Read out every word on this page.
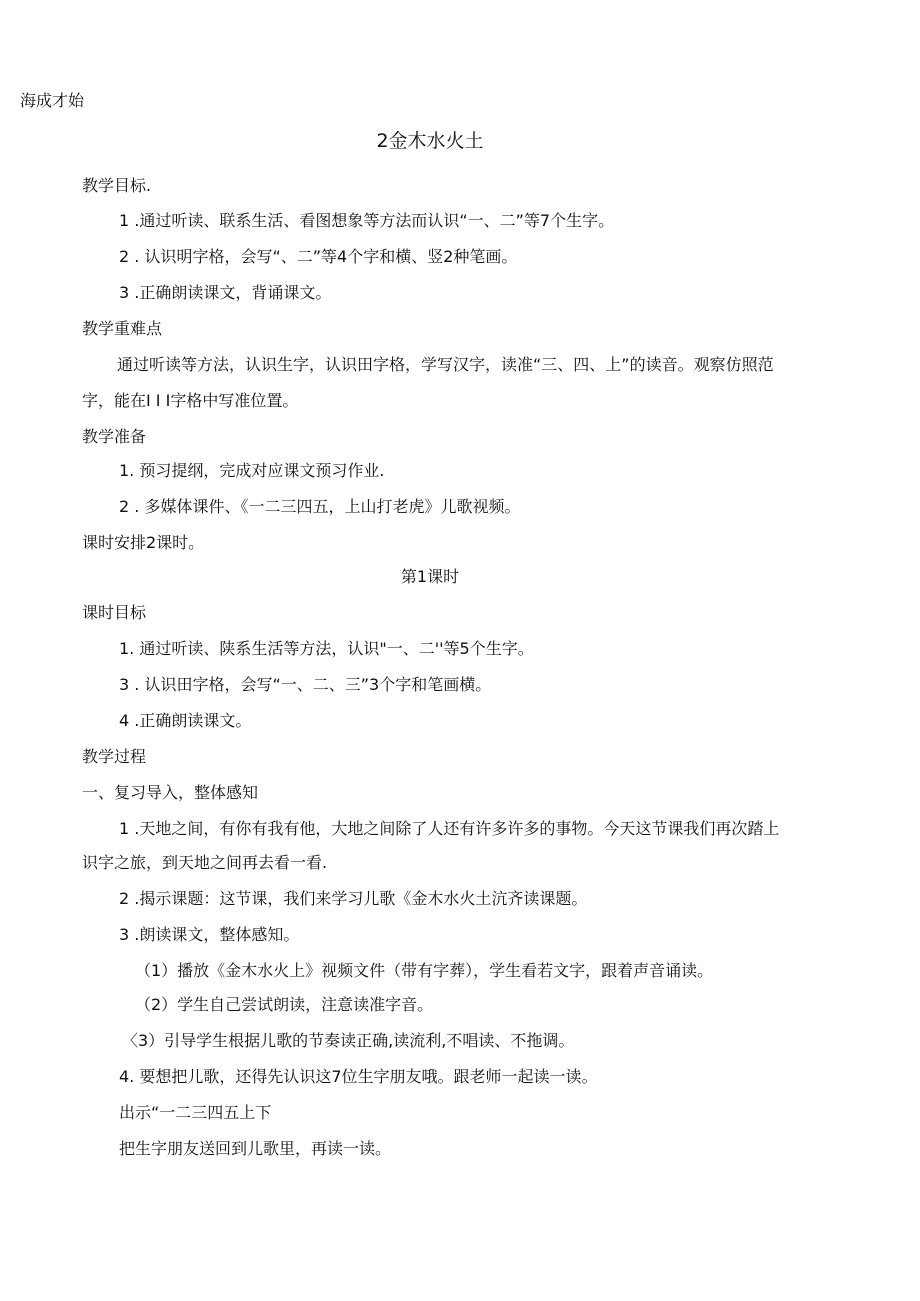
海成才始
2金木水火土
教学目标.
1 .通过听读、联系生活、看图想象等方法而认识“一、二”等7个生字。
2 . 认识明字格，会写“、二”等4个字和横、竖2种笔画。
3 .正确朗读课文，背诵课文。
教学重难点
通过听读等方法，认识生字，认识田字格，学写汉字，读准“三、四、上”的读音。观察仿照范
字，能在I I I字格中写准位置。
教学准备
1. 预习提纲，完成对应课文预习作业.
2 . 多媒体课件、《一二三四五，上山打老虎》儿歌视频。
课时安排2课时。
第1课时
课时目标
1. 通过听读、陕系生活等方法，认识"一、二''等5个生字。
3 . 认识田字格，会写“一、二、三”3个字和笔画横。
4 .正确朗读课文。
教学过程
一、复习导入，整体感知
1 .天地之间，有你有我有他，大地之间除了人还有许多许多的事物。今天这节课我们再次踏上
识字之旅，到天地之间再去看一看.
2 .揭示课题：这节课，我们来学习儿歌《金木水火土沆齐读课题。
3 .朗读课文，整体感知。
（1）播放《金木水火上》视频文件（带有字葬），学生看若文字，跟着声音诵读。
（2）学生自己尝试朗读，注意读准字音。
〈3）引导学生根据儿歌的节奏读正确,读流利,不唱读、不拖调。
4. 要想把儿歌，还得先认识这7位生字朋友哦。跟老师一起读一读。
出示“一二三四五上下
把生字朋友送回到儿歌里，再读一读。
